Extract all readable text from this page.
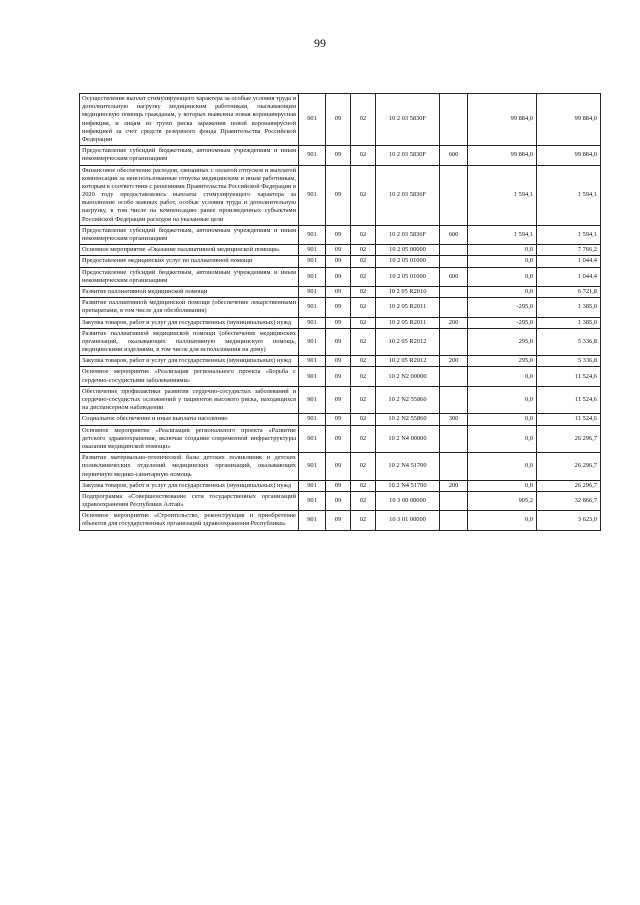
99
Осуществление выплат стимулирующего характера за особые условия труда и дополнительную нагрузку медицинским работникам, оказывающим медицинскую помощь гражданам, у которых выявлена новая коронавирусная инфекция, и лицам из групп риска заражения новой коронавирусной инфекцией за счет средств резервного фонда Правительства Российской Федерации	901	09	02	10 2 03 5830F		99 884,0	99 884,0
Предоставление субсидий бюджетным, автономным учреждениям и иным некоммерческим организациям	901	09	02	10 2 03 5830F	600	99 884,0	99 884,0
Финансовое обеспечение расходов, связанных с оплатой отпусков и выплатой компенсации за неиспользованные отпуска медицинским и иным работникам, которым в соответствии с решениями Правительства Российской Федерации в 2020 году предоставлялись выплаты стимулирующего характера за выполнение особо важных работ, особые условия труда и дополнительную нагрузку, в том числе на компенсацию ранее произведенных субъектами Российской Федерации расходов на указанные цели	901	09	02	10 2 03 5836F		1 594,1	1 594,1
Предоставление субсидий бюджетным, автономным учреждениям и иным некоммерческим организациям	901	09	02	10 2 03 5836F	600	1 594,1	1 594,1
Основное мероприятие «Оказание паллиативной медицинской помощи»	901	09	02	10 2 05 00000		0,0	7 766,2
Предоставление медицинских услуг по паллиативной помощи	901	09	02	10 2 05 01000		0,0	1 044,4
Предоставление субсидий бюджетным, автономным учреждениям и иным некоммерческим организациям	901	09	02	10 2 05 01000	600	0,0	1 044,4
Развитие паллиативной медицинской помощи	901	09	02	10 2 05 R2010		0,0	6 721,8
Развитие паллиативной медицинской помощи (обеспечение лекарственными препаратами, в том числе для обезболивания)	901	09	02	10 2 05 R2011		-295,0	1 385,0
Закупка товаров, работ и услуг для государственных (муниципальных) нужд	901	09	02	10 2 05 R2011	200	-295,0	1 385,0
Развитие паллиативной медицинской помощи (обеспечение медицинских организаций, оказывающих паллиативную медицинскую помощь, медицинскими изделиями, в том числе для использования на дому)	901	09	02	10 2 05 R2012		295,0	5 336,8
Закупка товаров, работ и услуг для государственных (муниципальных) нужд	901	09	02	10 2 05 R2012	200	295,0	5 336,8
Основное мероприятие «Реализация регионального проекта «Борьба с сердечно-сосудистыми заболеваниями»	901	09	02	10 2 N2 00000		0,0	11 524,6
Обеспечение профилактики развития сердечно-сосудистых заболеваний и сердечно-сосудистых осложнений у пациентов высокого риска, находящихся на диспансерном наблюдении	901	09	02	10 2 N2 55860		0,0	11 524,6
Социальное обеспечение и иные выплаты населению	901	09	02	10 2 N2 55860	300	0,0	11 524,6
Основное мероприятие «Реализация регионального проекта «Развитие детского здравоохранения, включая создание современной инфраструктуры оказания медицинской помощи»	901	09	02	10 2 N4 00000		0,0	26 296,7
Развитие материально-технической базы детских поликлиник и детских поликлинических отделений медицинских организаций, оказывающих первичную медико-санитарную помощь	901	09	02	10 2 N4 51700		0,0	26 296,7
Закупка товаров, работ и услуг для государственных (муниципальных) нужд	901	09	02	10 2 N4 51700	200	0,0	26 296,7
Подпрограмма «Совершенствование сети государственных организаций здравоохранения Республики Алтай»	901	09	02	10 3 00 00000		905,2	32 866,7
Основное мероприятие «Строительство, реконструкция и приобретение объектов для государственных организаций здравоохранения Республики»	901	09	02	10 3 01 00000		0,0	3 623,0
